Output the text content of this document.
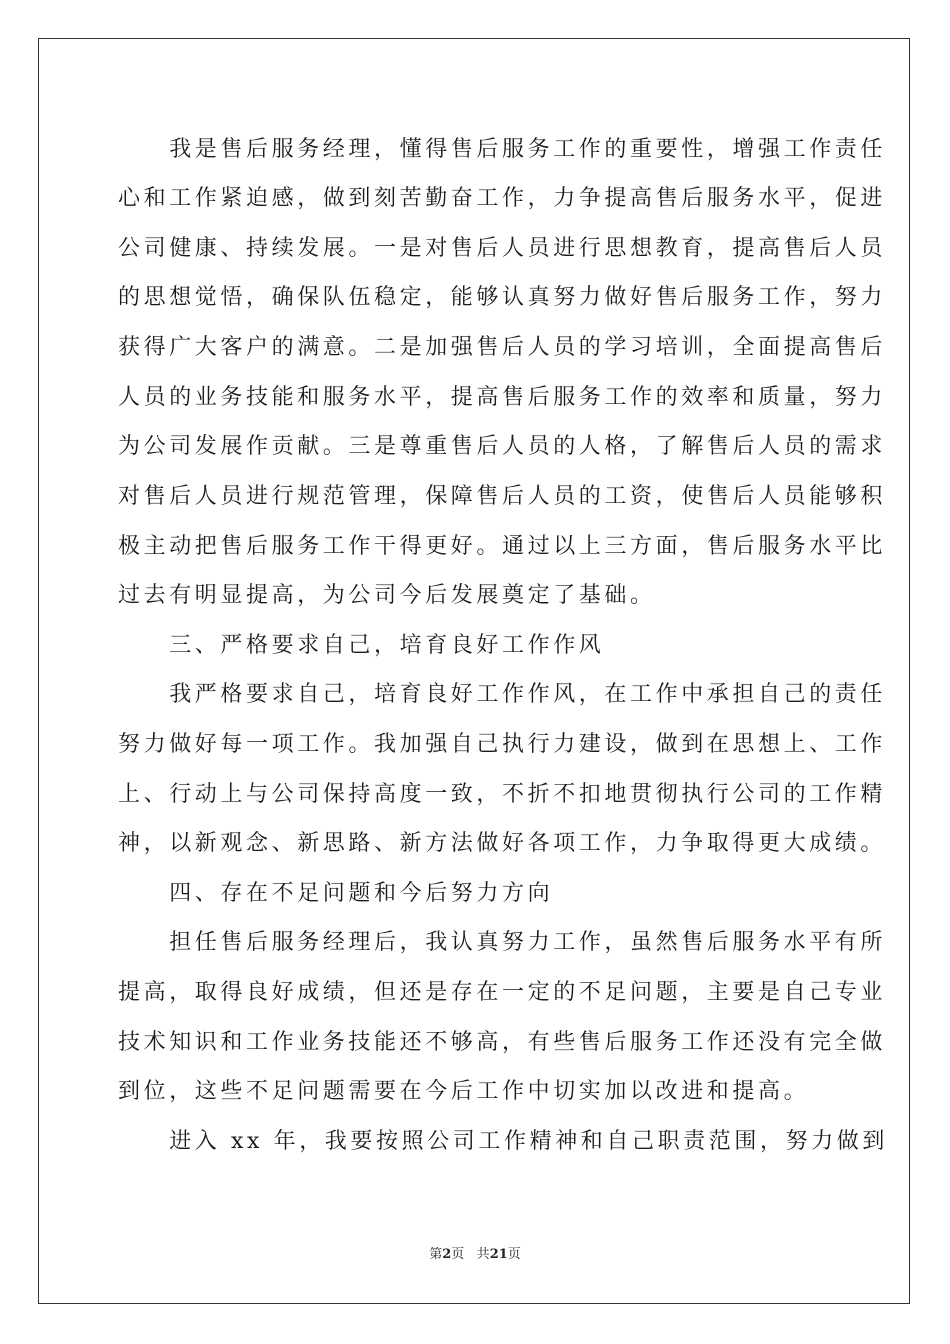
　　我是售后服务经理，懂得售后服务工作的重要性，增强工作责任

心和工作紧迫感，做到刻苦勤奋工作，力争提高售后服务水平，促进

公司健康、持续发展。一是对售后人员进行思想教育，提高售后人员

的思想觉悟，确保队伍稳定，能够认真努力做好售后服务工作，努力

获得广大客户的满意。二是加强售后人员的学习培训，全面提高售后

人员的业务技能和服务水平，提高售后服务工作的效率和质量，努力

为公司发展作贡献。三是尊重售后人员的人格，了解售后人员的需求

对售后人员进行规范管理，保障售后人员的工资，使售后人员能够积

极主动把售后服务工作干得更好。通过以上三方面，售后服务水平比

过去有明显提高，为公司今后发展奠定了基础。

　　三、严格要求自己，培育良好工作作风

　　我严格要求自己，培育良好工作作风，在工作中承担自己的责任

努力做好每一项工作。我加强自己执行力建设，做到在思想上、工作

上、行动上与公司保持高度一致，不折不扣地贯彻执行公司的工作精

神，以新观念、新思路、新方法做好各项工作，力争取得更大成绩。

　　四、存在不足问题和今后努力方向

　　担任售后服务经理后，我认真努力工作，虽然售后服务水平有所

提高，取得良好成绩，但还是存在一定的不足问题，主要是自己专业

技术知识和工作业务技能还不够高，有些售后服务工作还没有完全做

到位，这些不足问题需要在今后工作中切实加以改进和提高。

　　进入 xx 年，我要按照公司工作精神和自己职责范围，努力做到

第2页 共21页
